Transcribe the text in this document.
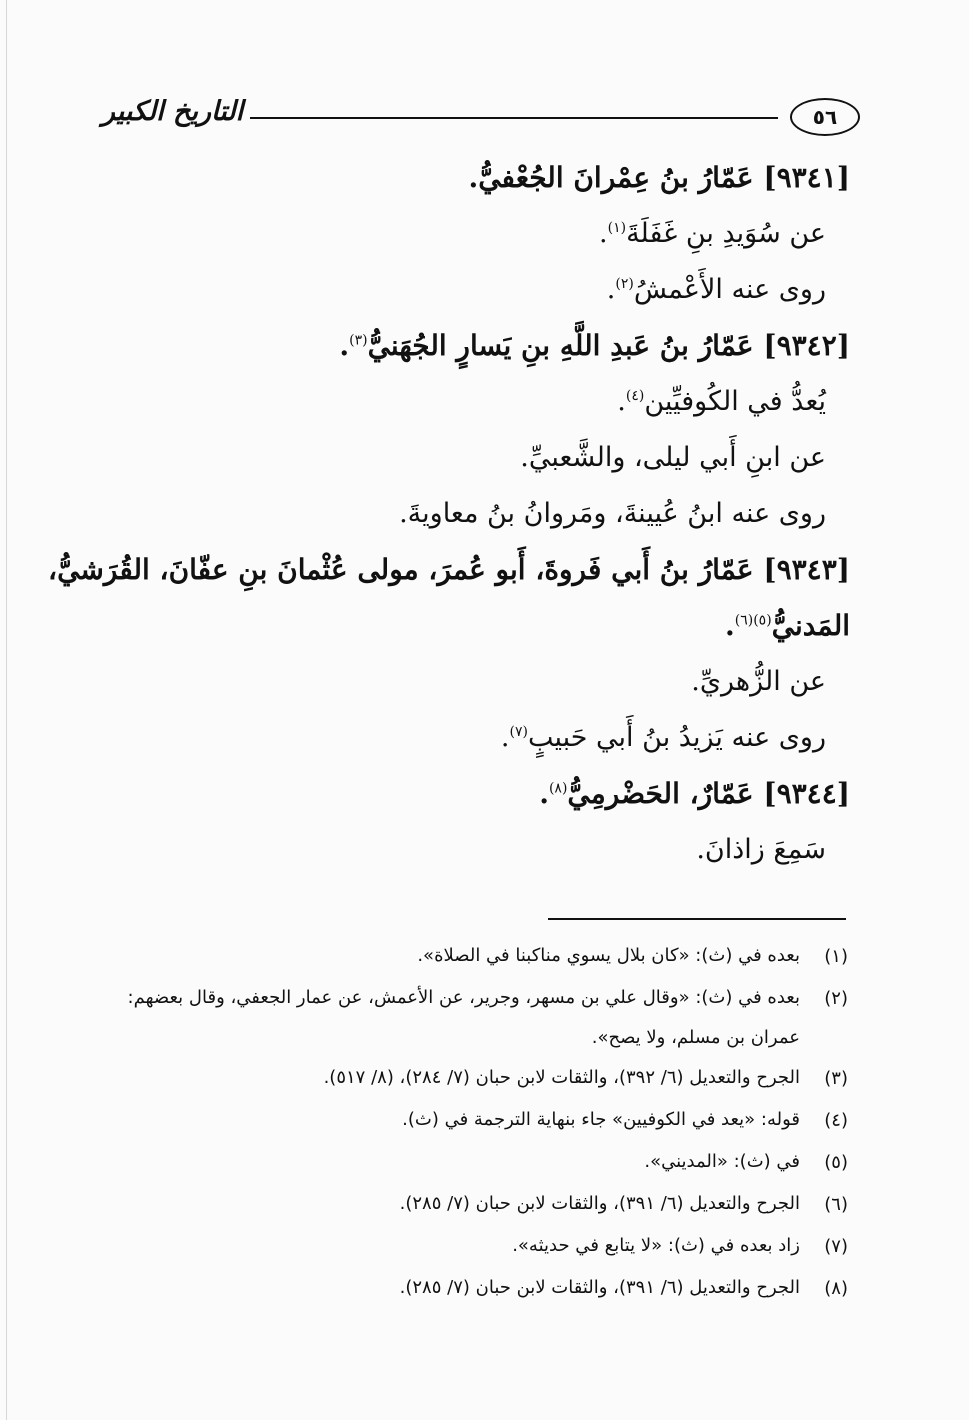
التاريخ الكبير	٥٦
[٩٣٤١] عَمّارُ بنُ عِمْرانَ الجُعْفيُّ.
عن سُوَيدِ بنِ غَفَلَةَ$^{(١)}$.
روى عنه الأَعْمشُ$^{(٢)}$.
[٩٣٤٢] عَمّارُ بنُ عَبدِ اللَّهِ بنِ يَسارٍ الجُهَنيُّ$^{(٣)}$.
يُعدُّ في الكُوفيِّين$^{(٤)}$.
عن ابنِ أَبي ليلى، والشَّعبيِّ.
روى عنه ابنُ عُيينةَ، ومَروانُ بنُ معاويةَ.
[٩٣٤٣] عَمّارُ بنُ أَبي فَروةَ، أَبو عُمرَ، مولى عُثْمانَ بنِ عفّانَ، القُرَشيُّ،
المَدنيُّ$^{(٥)(٦)}$.
عن الزُّهريِّ.
روى عنه يَزيدُ بنُ أَبي حَبيبٍ$^{(٧)}$.
[٩٣٤٤] عَمّارٌ، الحَضْرمِيُّ$^{(٨)}$.
سَمِعَ زاذانَ.
(١)
بعده في (ث): «كان بلال يسوي مناكبنا في الصلاة».
(٢)
بعده في (ث): «وقال علي بن مسهر، وجرير، عن الأعمش، عن عمار الجعفي، وقال بعضهم: عمران بن مسلم، ولا يصح».
(٣)
الجرح والتعديل (٦/ ٣٩٢)، والثقات لابن حبان (٧/ ٢٨٤)، (٨/ ٥١٧).
(٤)
قوله: «يعد في الكوفيين» جاء بنهاية الترجمة في (ث).
(٥)
في (ث): «المديني».
(٦)
الجرح والتعديل (٦/ ٣٩١)، والثقات لابن حبان (٧/ ٢٨٥).
(٧)
زاد بعده في (ث): «لا يتابع في حديثه».
(٨)
الجرح والتعديل (٦/ ٣٩١)، والثقات لابن حبان (٧/ ٢٨٥).
